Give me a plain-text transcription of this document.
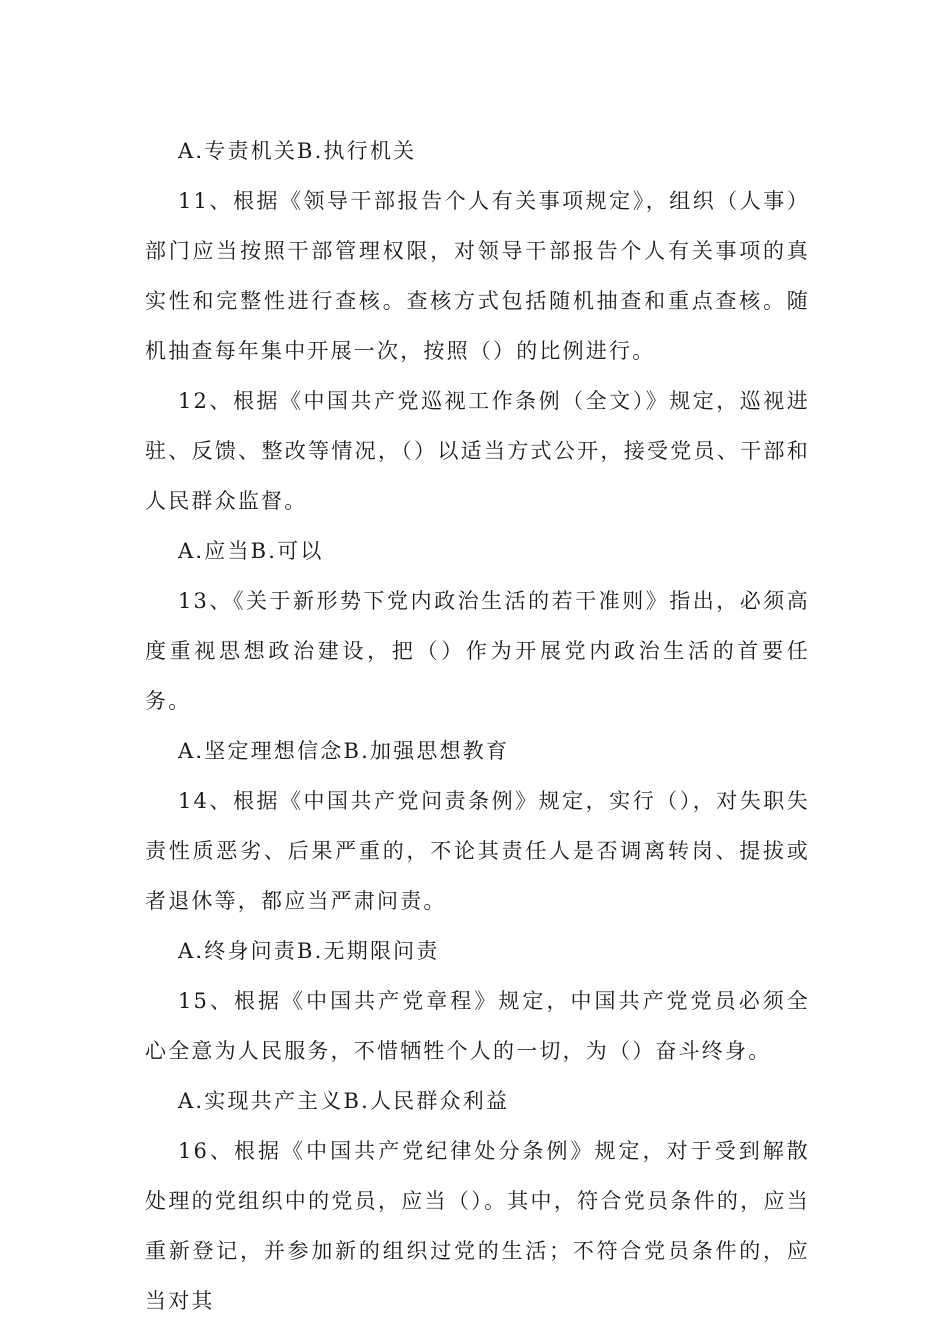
A.专责机关B.执行机关

11、根据《领导干部报告个人有关事项规定》，组织（人事）部门应当按照干部管理权限，对领导干部报告个人有关事项的真实性和完整性进行查核。查核方式包括随机抽查和重点查核。随机抽查每年集中开展一次，按照（）的比例进行。

12、根据《中国共产党巡视工作条例（全文）》规定，巡视进驻、反馈、整改等情况，（）以适当方式公开，接受党员、干部和人民群众监督。

A.应当B.可以

13、《关于新形势下党内政治生活的若干准则》指出，必须高度重视思想政治建设，把（）作为开展党内政治生活的首要任务。

A.坚定理想信念B.加强思想教育

14、根据《中国共产党问责条例》规定，实行（），对失职失责性质恶劣、后果严重的，不论其责任人是否调离转岗、提拔或者退休等，都应当严肃问责。

A.终身问责B.无期限问责

15、根据《中国共产党章程》规定，中国共产党党员必须全心全意为人民服务，不惜牺牲个人的一切，为（）奋斗终身。

A.实现共产主义B.人民群众利益

16、根据《中国共产党纪律处分条例》规定，对于受到解散处理的党组织中的党员，应当（）。其中，符合党员条件的，应当重新登记，并参加新的组织过党的生活；不符合党员条件的，应当对其
